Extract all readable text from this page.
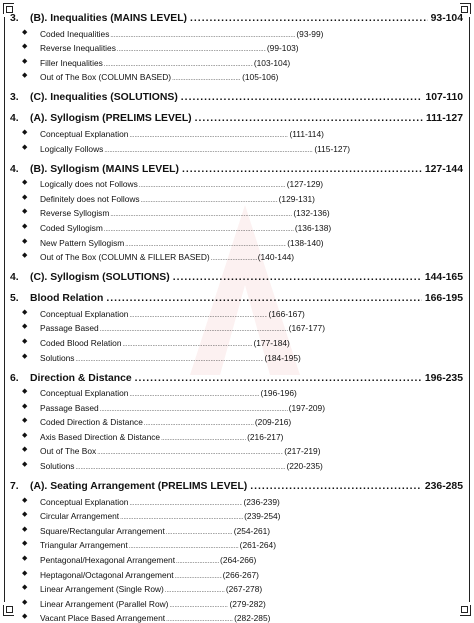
3.	(B). Inequalities (MAINS LEVEL) .....	93-104
◆	Coded Inequalities .....	(93-99)
◆	Reverse Inequalities .....	(99-103)
◆	Filler Inequalities .....	(103-104)
◆	Out of The Box (COLUMN BASED) .....	(105-106)
3.	(C). Inequalities (SOLUTIONS) .....	107-110
4.	(A). Syllogism (PRELIMS LEVEL) .....	111-127
◆	Conceptual Explanation .....	(111-114)
◆	Logically Follows .....	(115-127)
4.	(B). Syllogism (MAINS LEVEL) .....	127-144
◆	Logically does not Follows .....	(127-129)
◆	Definitely does not Follows .....	(129-131)
◆	Reverse Syllogism .....	(132-136)
◆	Coded Syllogism .....	(136-138)
◆	New Pattern Syllogism .....	(138-140)
◆	Out of The Box (COLUMN & FILLER BASED) .....	(140-144)
4.	(C). Syllogism (SOLUTIONS) .....	144-165
5.	Blood Relation .....	166-195
◆	Conceptual Explanation .....	(166-167)
◆	Passage Based .....	(167-177)
◆	Coded Blood Relation .....	(177-184)
◆	Solutions .....	(184-195)
6.	Direction & Distance .....	196-235
◆	Conceptual Explanation .....	(196-196)
◆	Passage Based .....	(197-209)
◆	Coded Direction & Distance .....	(209-216)
◆	Axis Based Direction & Distance .....	(216-217)
◆	Out of The Box .....	(217-219)
◆	Solutions .....	(220-235)
7.	(A). Seating Arrangement (PRELIMS LEVEL) .....	236-285
◆	Conceptual Explanation .....	(236-239)
◆	Circular Arrangement .....	(239-254)
◆	Square/Rectangular Arrangement .....	(254-261)
◆	Triangular Arrangement .....	(261-264)
◆	Pentagonal/Hexagonal Arrangement .....	(264-266)
◆	Heptagonal/Octagonal Arrangement .....	(266-267)
◆	Linear Arrangement (Single Row) .....	(267-278)
◆	Linear Arrangement (Parallel Row) .....	(279-282)
◆	Vacant Place Based Arrangement .....	(282-285)
